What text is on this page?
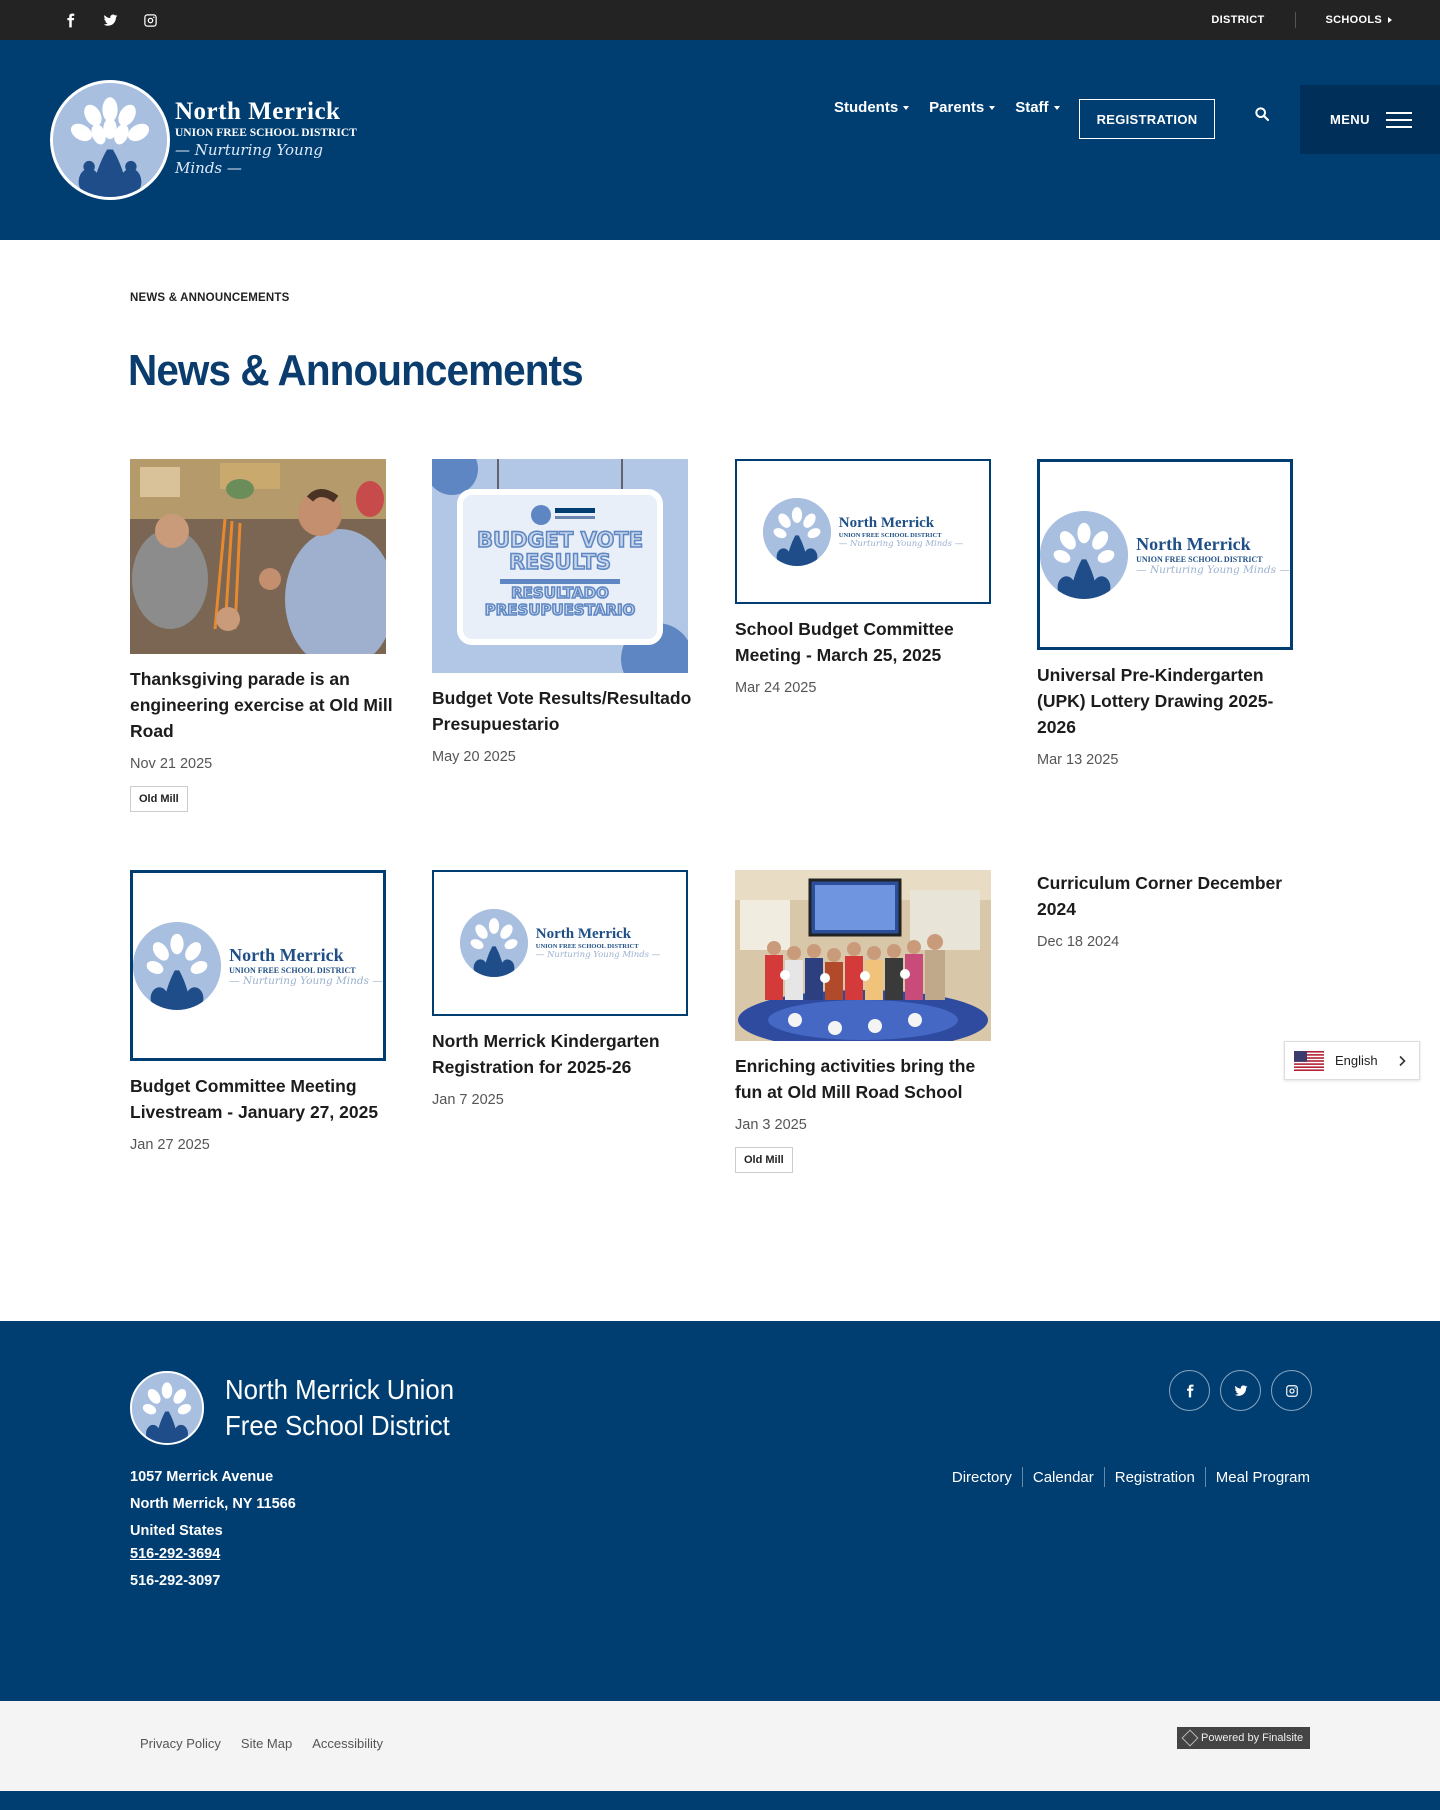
DISTRICT	SCHOOLS
North Merrick
UNION FREE SCHOOL DISTRICT
— Nurturing Young Minds —
Students Parents Staff
REGISTRATION	MENU
NEWS & ANNOUNCEMENTS
News & Announcements
Thanksgiving parade is an engineering exercise at Old Mill Road
Nov 21 2025
Old Mill
BUDGET VOTE
RESULTS
RESULTADO
PRESUPUESTARIO
Budget Vote Results/Resultado Presupuestario
May 20 2025
North Merrick
UNION FREE SCHOOL DISTRICT
— Nurturing Young Minds —
School Budget Committee Meeting - March 25, 2025
Mar 24 2025
North Merrick
UNION FREE SCHOOL DISTRICT
— Nurturing Young Minds —
Universal Pre-Kindergarten (UPK) Lottery Drawing 2025-2026
Mar 13 2025
North Merrick
UNION FREE SCHOOL DISTRICT
— Nurturing Young Minds —
Budget Committee Meeting Livestream - January 27, 2025
Jan 27 2025
North Merrick
UNION FREE SCHOOL DISTRICT
— Nurturing Young Minds —
North Merrick Kindergarten Registration for 2025-26
Jan 7 2025
Enriching activities bring the fun at Old Mill Road School
Jan 3 2025
Old Mill
Curriculum Corner December 2024
Dec 18 2024
English
North Merrick Union Free School District
1057 Merrick Avenue
North Merrick, NY 11566
United States
516-292-3694
516-292-3097
Directory Calendar Registration Meal Program
Privacy Policy Site Map Accessibility	Powered by Finalsite
